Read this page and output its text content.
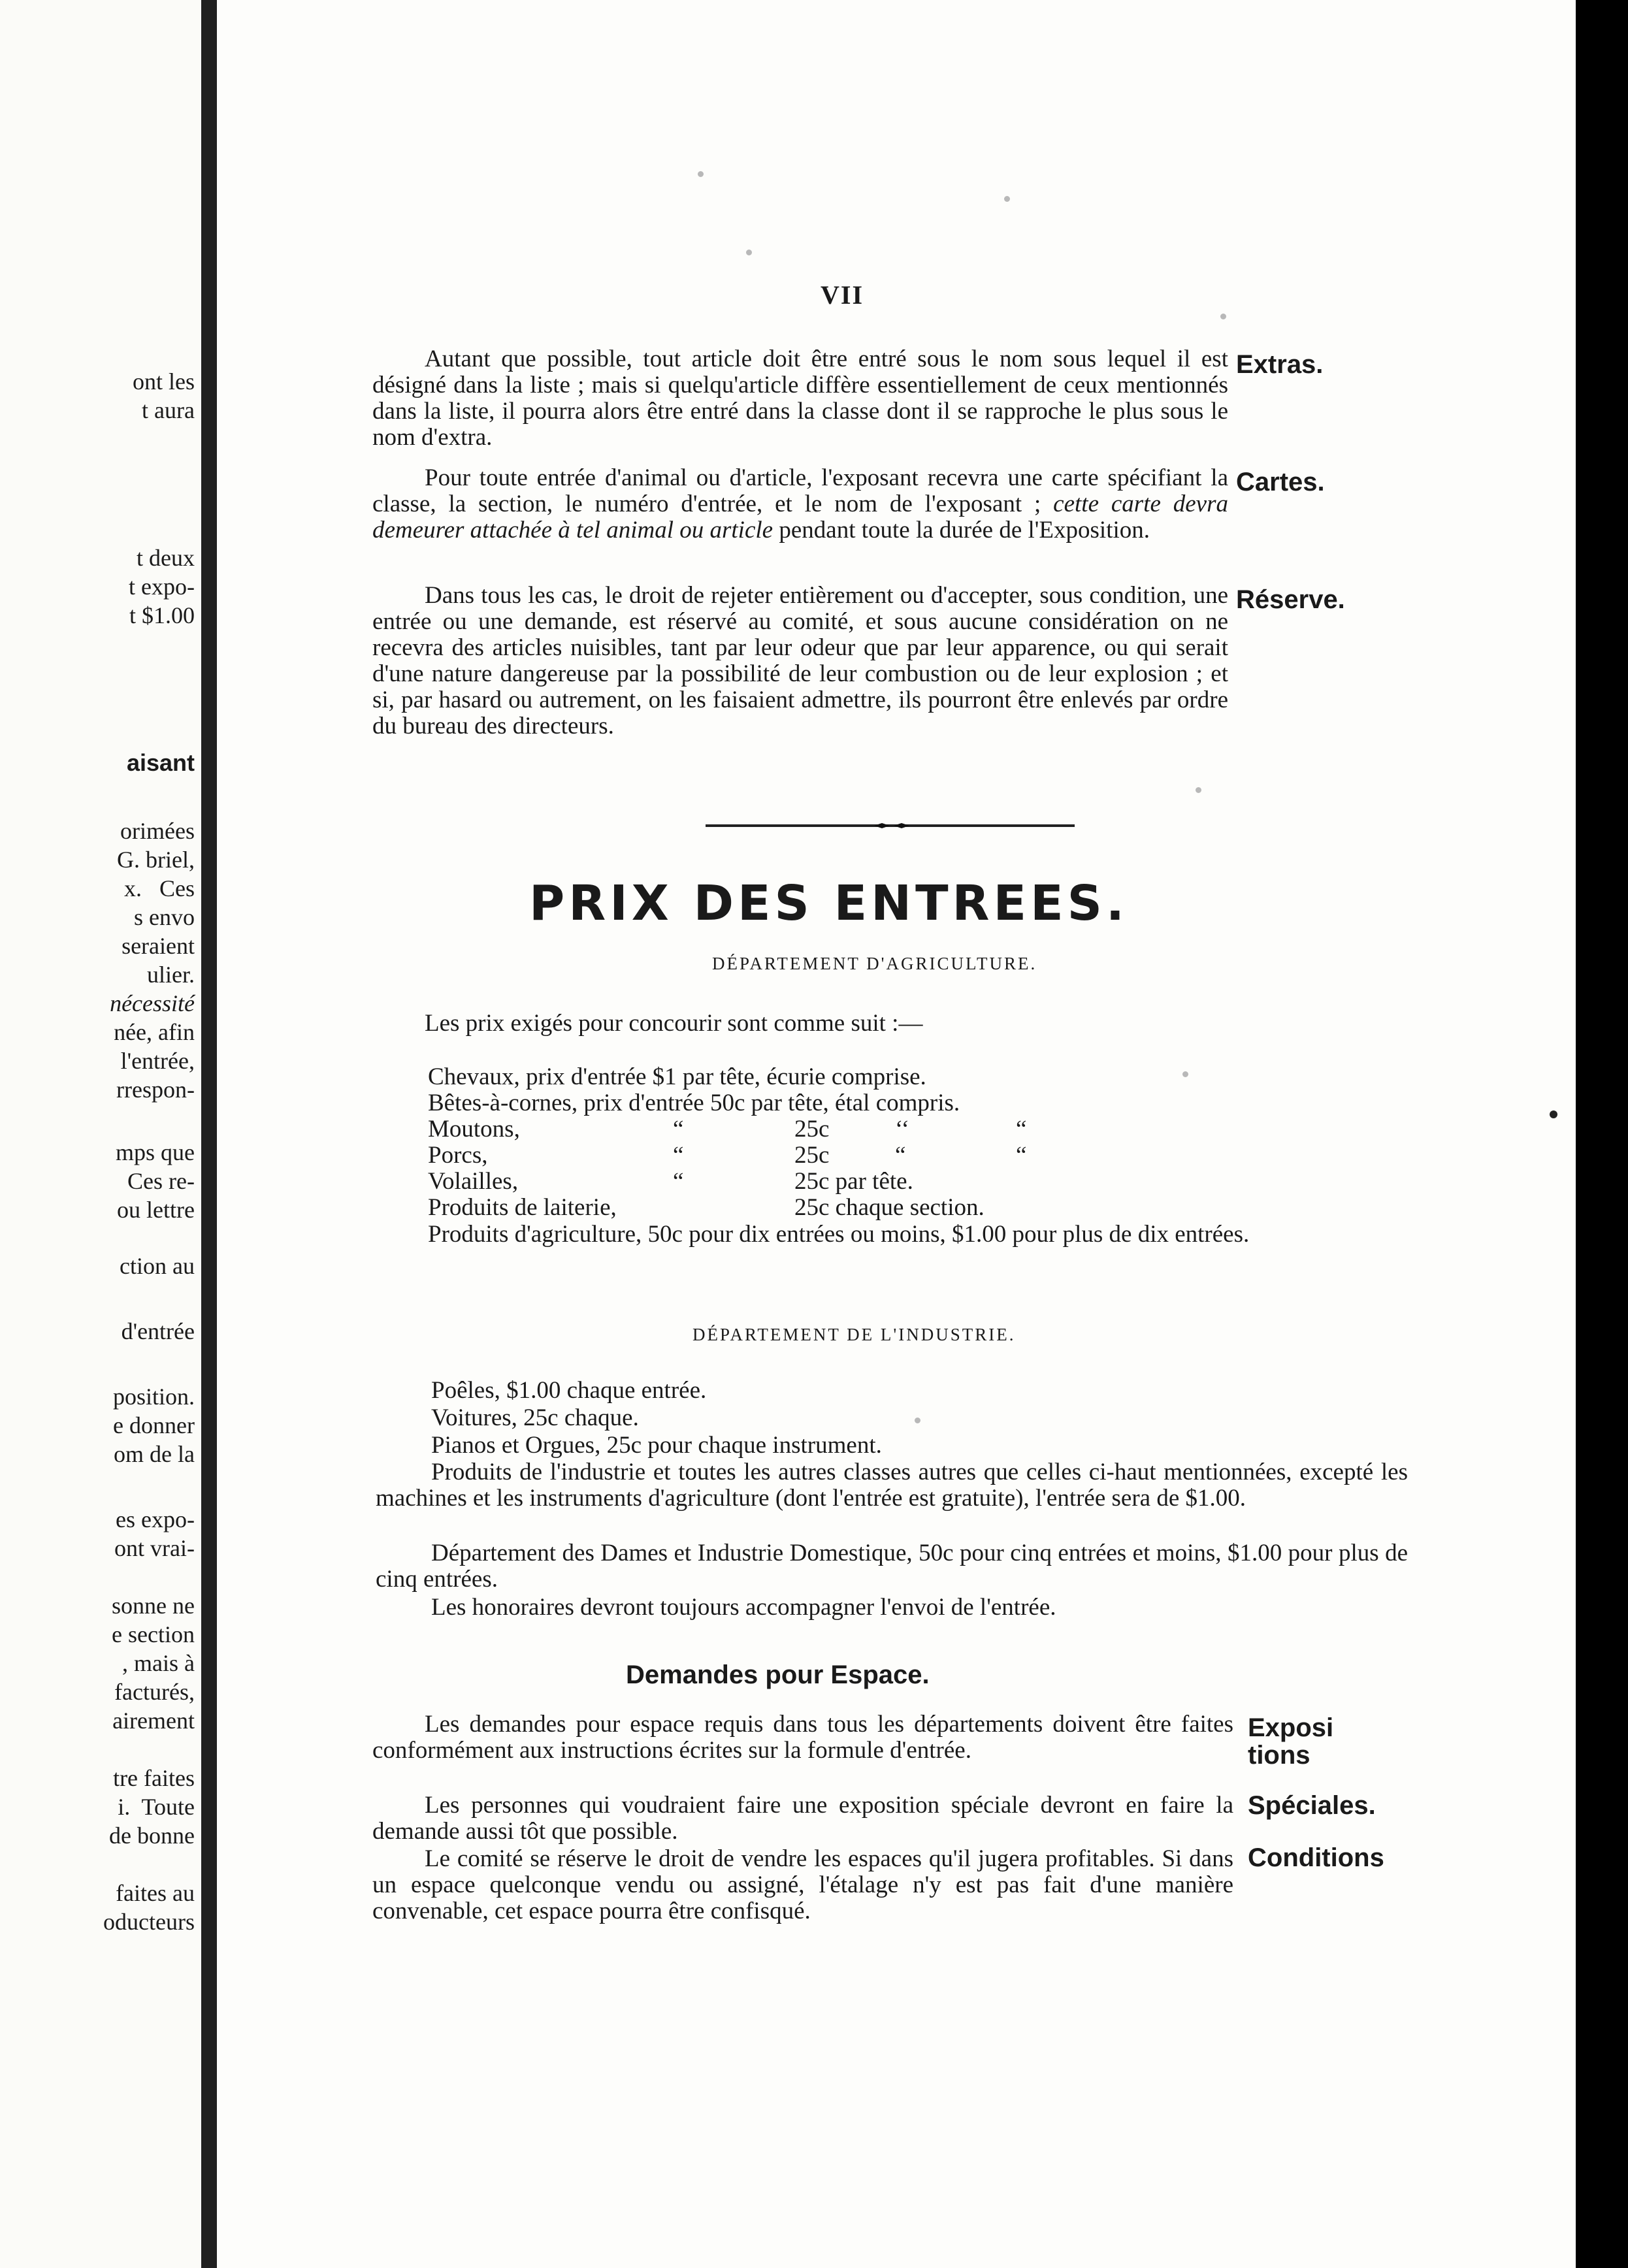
ont les
t aura
t deux
t expo-
t $1.00
aisant
orimées
G. briel,
x.   Ces
s envo
seraient
ulier.
nécessité
née, afin
l'entrée,
rrespon-
mps que
Ces re-
ou lettre
ction au
d'entrée
position.
e donner
om de la
es expo-
ont vrai-
sonne ne
e section
, mais à
facturés,
airement
tre faites
i.  Toute
de bonne
faites au
oducteurs
VII
Autant que possible, tout article doit être entré sous le nom sous lequel il est désigné dans la liste ; mais si quelqu'article diffère essentiellement de ceux mentionnés dans la liste, il pourra alors être entré dans la classe dont il se rapproche le plus sous le nom d'extra.
Pour toute entrée d'animal ou d'article, l'exposant recevra une carte spécifiant la classe, la section, le numéro d'entrée, et le nom de l'exposant ; cette carte devra demeurer attachée à tel animal ou article pendant toute la durée de l'Exposition.
Dans tous les cas, le droit de rejeter entièrement ou d'accepter, sous condition, une entrée ou une demande, est réservé au comité, et sous aucune considération on ne recevra des articles nuisibles, tant par leur odeur que par leur apparence, ou qui serait d'une nature dangereuse par la possibilité de leur combustion ou de leur explosion ; et si, par hasard ou autrement, on les faisaient admettre, ils pourront être enlevés par ordre du bureau des directeurs.
Extras.
Cartes.
Réserve.
PRIX DES ENTREES.
DÉPARTEMENT D'AGRICULTURE.
Les prix exigés pour concourir sont comme suit :—
Chevaux, prix d'entrée $1 par tête, écurie comprise.
Bêtes-à-cornes, prix d'entrée 50c par tête, étal compris.
Moutons,	“	25c	‘‘	“
Porcs,	“	25c	“	“
Volailles,	“	25c par tête.
Produits de laiterie,	25c chaque section.
Produits d'agriculture, 50c pour dix entrées ou moins, $1.00 pour plus de dix entrées.
DÉPARTEMENT DE L'INDUSTRIE.
Poêles, $1.00 chaque entrée.
Voitures, 25c chaque.
Pianos et Orgues, 25c pour chaque instrument.
Produits de l'industrie et toutes les autres classes autres que celles ci-haut mentionnées, excepté les machines et les instruments d'agriculture (dont l'entrée est gratuite), l'entrée sera de $1.00.
Département des Dames et Industrie Domestique, 50c pour cinq entrées et moins, $1.00 pour plus de cinq entrées.
Les honoraires devront toujours accompagner l'envoi de l'entrée.
Demandes pour Espace.
Les demandes pour espace requis dans tous les départements doivent être faites conformément aux instructions écrites sur la formule d'entrée.
Les personnes qui voudraient faire une exposition spéciale devront en faire la demande aussi tôt que possible.
Le comité se réserve le droit de vendre les espaces qu'il jugera profitables. Si dans un espace quelconque vendu ou assigné, l'étalage n'y est pas fait d'une manière convenable, cet espace pourra être confisqué.
Exposi tions
Spéciales.
Conditions
